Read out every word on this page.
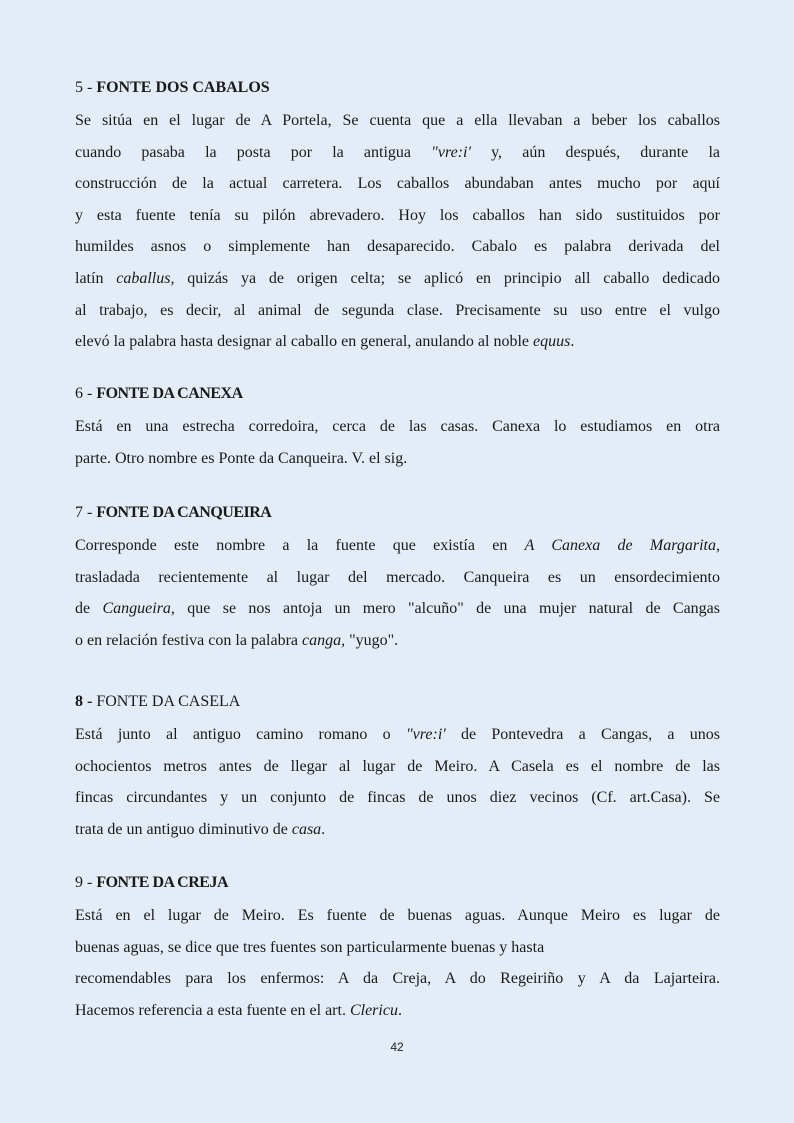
5 - FONTE DOS CABALOS
Se sitúa en el lugar de A Portela, Se cuenta que a ella llevaban a beber los caballos
cuando pasaba la posta por la antigua "vre:i' y, aún después, durante la
construcción de la actual carretera. Los caballos abundaban antes mucho por aquí
y esta fuente tenía su pilón abrevadero. Hoy los caballos han sido sustituidos por
humildes asnos o simplemente han desaparecido. Cabalo es palabra derivada del
latín caballus, quizás ya de origen celta; se aplicó en principio all caballo dedicado
al trabajo, es decir, al animal de segunda clase. Precisamente su uso entre el vulgo
elevó la palabra hasta designar al caballo en general, anulando al noble equus.
6 - FONTE DA CANEXA
Está en una estrecha corredoira, cerca de las casas. Canexa lo estudiamos en otra
parte. Otro nombre es Ponte da Canqueira. V. el sig.
7 - FONTE DA CANQUEIRA
Corresponde este nombre a la fuente que existía en A Canexa de Margarita,
trasladada recientemente al lugar del mercado. Canqueira es un ensordecimiento
de Cangueira, que se nos antoja un mero "alcuño" de una mujer natural de Cangas
o en relación festiva con la palabra canga, "yugo".
8 - FONTE DA CASELA
Está junto al antiguo camino romano o "vre:i' de Pontevedra a Cangas, a unos
ochocientos metros antes de llegar al lugar de Meiro. A Casela es el nombre de las
fincas circundantes y un conjunto de fincas de unos diez vecinos (Cf. art.Casa). Se
trata de un antiguo diminutivo de casa.
9 - FONTE DA CREJA
Está en el lugar de Meiro. Es fuente de buenas aguas. Aunque Meiro es lugar de
buenas aguas, se dice que tres fuentes son particularmente buenas y hasta
recomendables para los enfermos: A da Creja, A do Regeiriño y A da Lajarteira.
Hacemos referencia a esta fuente en el art. Clericu.
42
